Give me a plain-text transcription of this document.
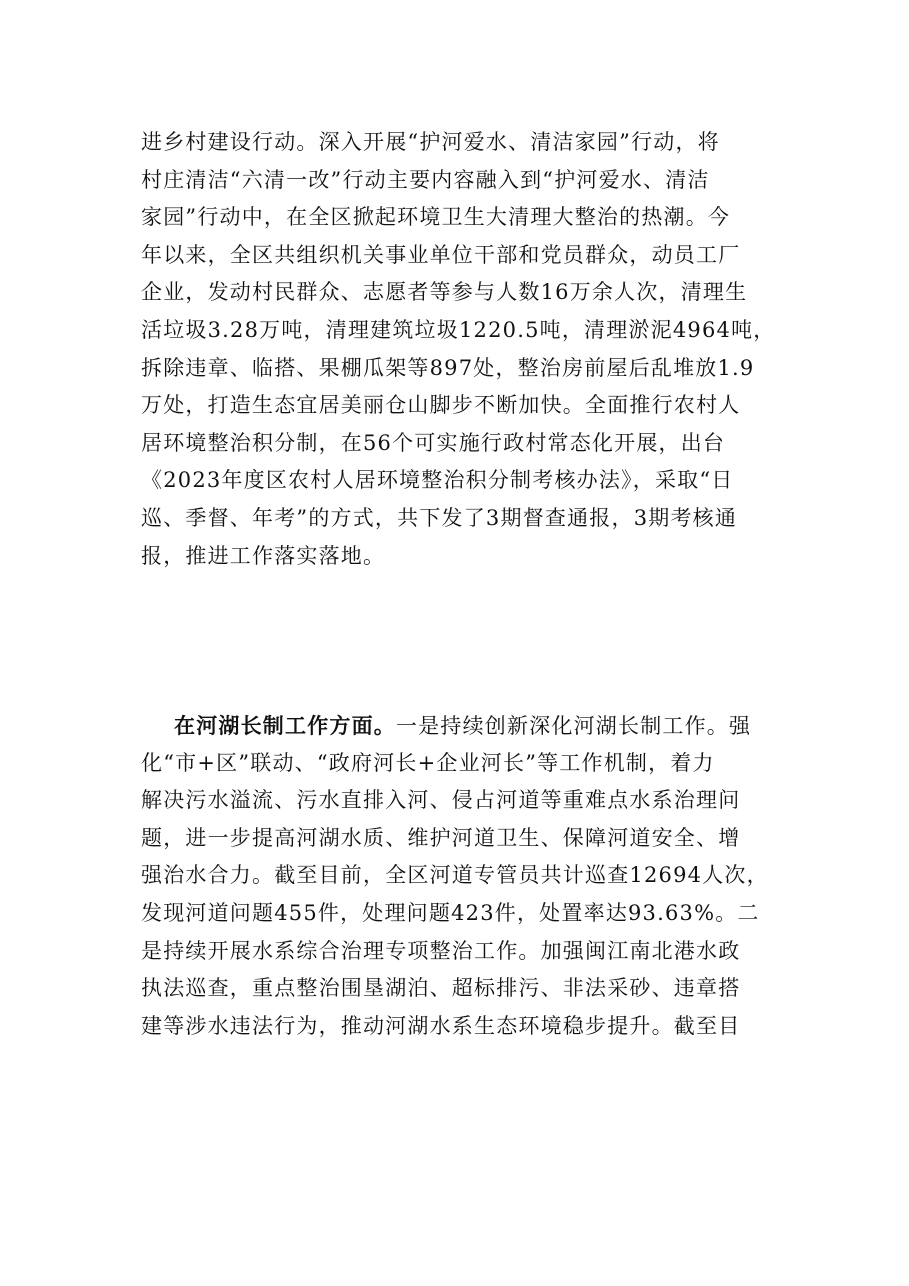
进乡村建设行动。深入开展“护河爱水、清洁家园”行动，将
村庄清洁“六清一改”行动主要内容融入到“护河爱水、清洁
家园”行动中，在全区掀起环境卫生大清理大整治的热潮。今
年以来，全区共组织机关事业单位干部和党员群众，动员工厂
企业，发动村民群众、志愿者等参与人数16万余人次，清理生
活垃圾3.28万吨，清理建筑垃圾1220.5吨，清理淤泥4964吨，
拆除违章、临搭、果棚瓜架等897处，整治房前屋后乱堆放1.9
万处，打造生态宜居美丽仓山脚步不断加快。全面推行农村人
居环境整治积分制，在56个可实施行政村常态化开展，出台
《2023年度区农村人居环境整治积分制考核办法》，采取“日
巡、季督、年考”的方式，共下发了3期督查通报，3期考核通
报，推进工作落实落地。
在河湖长制工作方面。一是持续创新深化河湖长制工作。强
化“市+区”联动、“政府河长+企业河长”等工作机制，着力
解决污水溢流、污水直排入河、侵占河道等重难点水系治理问
题，进一步提高河湖水质、维护河道卫生、保障河道安全、增
强治水合力。截至目前，全区河道专管员共计巡查12694人次，
发现河道问题455件，处理问题423件，处置率达93.63%。二
是持续开展水系综合治理专项整治工作。加强闽江南北港水政
执法巡查，重点整治围垦湖泊、超标排污、非法采砂、违章搭
建等涉水违法行为，推动河湖水系生态环境稳步提升。截至目
